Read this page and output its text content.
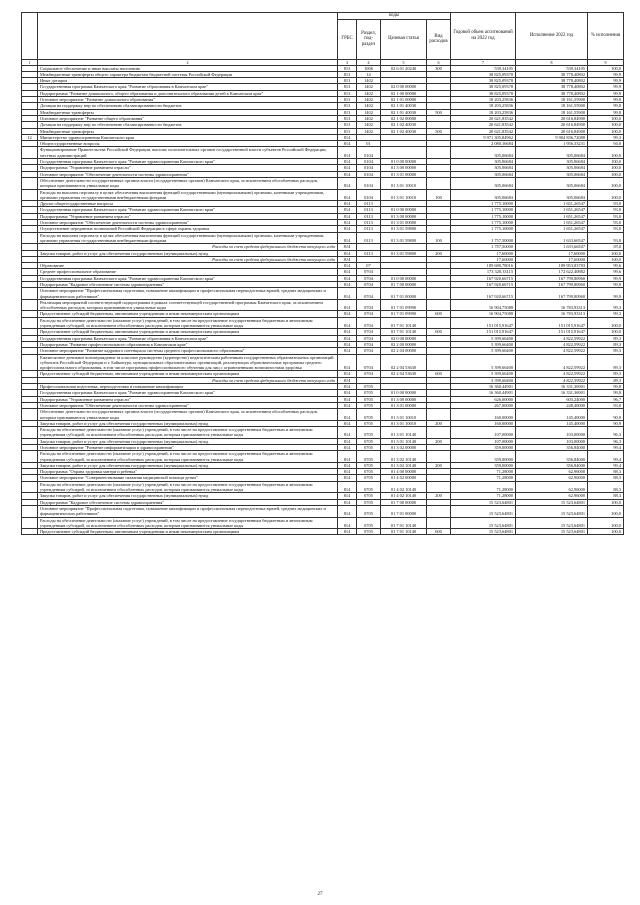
		коды				Годовой объем ассигнований на 2022 год	Исполнение 2022 год	% исполнения
		ГРБС	Раздел, под-раздел	Целевая статья	Вид расходов			
1	2	3	4	5	6	7	8	9
	Социальное обеспечение и иные выплаты населению	813	1006	02 6 01 20240	300	539,34105	539,34105	100,0
	Межбюджетные трансферты общего характера бюджетам бюджетной системы Российской Федерации	813	14			38 825,09378	38 778,40802	99,9
	Иные дотации	813	1402			38 825,09378	38 778,40802	99,9
	Государственная программа Камчатского края "Развитие образования в Камчатском крае"	813	1402	02 0 00 00000		38 825,09378	38 778,40802	99,9
	Подпрограмма "Развитие дошкольного, общего образования и дополнительного образования детей в Камчатском крае"	813	1402	02 1 00 00000		38 825,09378	38 778,40802	99,9
	Основное мероприятие "Развитие дошкольного образования"	813	1402	02 1 01 00000		18 203,25836	18 161,55900	99,8
	Дотация на поддержку мер по обеспечению сбалансированности бюджетов	813	1402	02 1 01 40030		18 203,25836	18 161,55900	99,8
	Межбюджетные трансферты	813	1402	02 1 01 40030	500	18 203,25836	18 161,55900	99,8
	Основное мероприятие "Развитие общего образования"	813	1402	02 1 02 00000		20 621,83542	20 616,84900	100,0
	Дотация на поддержку мер по обеспечению сбалансированности бюджетов	813	1402	02 1 02 40030		20 621,83542	20 616,84900	100,0
	Межбюджетные трансферты	813	1402	02 1 02 40030	500	20 621,83542	20 616,84900	100,0
12	Министерство здравоохранения Камчатского края	814				9 971 305,84962	9 904 836,72088	99,3
	Общегосударственные вопросы	814	01			2 080,16684	1 956,33231	94,0
	Функционирование Правительства Российской Федерации, высших исполнительных органов государственной власти субъектов Российской Федерации, местных администраций	814	0104			305,06684	305,06684	100,0
	Государственная программа Камчатского края "Развитие здравоохранения Камчатского края"	814	0104	01 0 00 00000		305,06684	305,06684	100,0
	Подпрограмма "Управление развитием отрасли"	814	0104	01 3 00 00000		305,06684	305,06684	100,0
	Основное мероприятие "Обеспечение деятельности системы здравоохранения"	814	0104	01 3 01 00000		305,06684	305,06684	100,0
	Обеспечение деятельности государственных органов власти (государственных органов) Камчатского края, за исключением обособленных расходов, которым присваиваются уникальные коды	814	0104	01 3 01 10010		305,06684	305,06684	100,0
	Расходы на выплаты персоналу в целях обеспечения выполнения функций государственными (муниципальными) органами, казенными учреждениями, органами управления государственными внебюджетными фондами	814	0104	01 3 01 10010	100	305,06684	305,06684	100,0
	Другие общегосударственные вопросы	814	0113			1 775,10000	1 651,26547	93,0
	Государственная программа Камчатского края "Развитие здравоохранения Камчатского края"	814	0113	01 0 00 00000		1 775,10000	1 651,26547	93,0
	Подпрограмма "Управление развитием отрасли"	814	0113	01 3 00 00000		1 775,10000	1 651,26547	93,0
	Основное мероприятие "Обеспечение деятельности системы здравоохранения"	814	0113	01 3 01 00000		1 775,10000	1 651,26547	93,0
	Осуществление переданных полномочий Российской Федерации в сфере охраны здоровья	814	0113	01 3 01 59800		1 775,10000	1 651,26547	93,0
	Расходы на выплаты персоналу в целях обеспечения выполнения функций государственными (муниципальными) органами, казенными учреждениями, органами управления государственными внебюджетными фондами	814	0113	01 3 01 59800	100	1 757,50000	1 633,66547	93,0
	Расходы за счет средств федерального бюджета текущего года	814				1 757,50000	1 633,66547	93,0
	Закупка товаров, работ и услуг для обеспечения государственных (муниципальных) нужд	814	0113	01 3 01 59800	200	17,60000	17,60000	100,0
	Расходы за счет средств федерального бюджета текущего года	814				17,60000	17,60000	100,0
	Образование	814	07			189 680,78016	189 953,83783	99,6
	Среднее профессиональное образование	814	0704			173 320,33115	172 622,40882	99,6
	Государственная программа Камчатского края "Развитие здравоохранения Камчатского края"	814	0704	01 0 00 00000		167 920,66715	167 799,80960	99,9
	Подпрограмма "Кадровое обеспечение системы здравоохранения"	814	0704	01 7 00 00000		167 920,66715	167 799,80960	99,9
	Основное мероприятие "Профессиональная подготовка, повышение квалификации и профессиональная переподготовка врачей, средних медицинских и фармацевтических работников"	814	0704	01 7 01 00000		167 920,66715	167 799,80960	99,9
	Реализация мероприятий соответствующей подпрограммы в рамках соответствующей государственной программы Камчатского края, за исключением обособленных расходов, которым присваиваются уникальные коды	814	0704	01 7 01 09990		16 904,75088	16 783,93313	99,3
	Предоставление субсидий бюджетным, автономным учреждениям и иным некоммерческим организациям	814	0704	01 7 01 09990	600	16 904,75088	16 783,93313	99,3
	Расходы на обеспечение деятельности (оказание услуг) учреждений, в том числе на предоставление государственным бюджетным и автономным учреждениям субсидий, за исключением обособленных расходов, которым присваиваются уникальные коды	814	0704	01 7 01 10140		151 015,91647	151 015,91647	100,0
	Предоставление субсидий бюджетным, автономным учреждениям и иным некоммерческим организациям	814	0704	01 7 01 10140	600	151 015,91647	151 015,91647	100,0
	Государственная программа Камчатского края "Развитие образования в Камчатском крае"	814	0704	02 0 00 00000		5 399,66400	4 822,59922	89,3
	Подпрограмма "Развитие профессионального образования в Камчатском крае"	814	0704	02 2 00 00000		5 399,66400	4 822,59922	89,3
	Основное мероприятие "Развитие кадрового потенциала системы среднего профессионального образования"	814	0704	02 2 04 00000		5 399,66400	4 822,59922	89,3
	Ежемесячное денежное вознаграждение за классное руководство (кураторство) педагогическим работникам государственных образовательных организаций субъектов Российской Федерации и г. Байконура, муниципальных образовательных организаций, реализующих образовательные программы среднего профессионального образования, в том числе программы профессионального обучения для лиц с ограниченными возможностями здоровья	814	0704	02 2 04 53630		5 399,66400	4 822,59922	89,3
	Предоставление субсидий бюджетным, автономным учреждениям и иным некоммерческим организациям	814	0704	02 2 04 53630	600	5 399,66400	4 822,59922	89,3
	Расходы за счет средств федерального бюджета текущего года	814				5 399,66400	4 822,59922	89,3
	Профессиональная подготовка, переподготовка и повышение квалификации	814	0705			16 360,44901	16 331,36901	99,8
	Государственная программа Камчатского края "Развитие здравоохранения Камчатского края"	814	0705	01 0 00 00000		16 360,44901	16 331,36901	99,8
	Подпрограмма "Управление развитием отрасли"	814	0705	01 3 00 00000		626,00000	603,24000	96,7
	Основное мероприятие "Обеспечение деятельности системы здравоохранения"	814	0705	01 3 01 00000		267,00000	248,40000	93,0
	Обеспечение деятельности государственных органов власти (государственных органов) Камчатского края, за исключением обособленных расходов, которым присваиваются уникальные коды	814	0705	01 3 01 10010		160,00000	145,40000	90,9
	Закупка товаров, работ и услуг для обеспечения государственных (муниципальных) нужд	814	0705	01 3 01 10010	200	160,00000	145,40000	90,9
	Расходы на обеспечение деятельности (оказание услуг) учреждений, в том числе на предоставление государственным бюджетным и автономным учреждениям субсидий, за исключением обособленных расходов, которым присваиваются уникальные коды	814	0705	01 3 01 10140		107,00000	103,00000	96,3
	Закупка товаров, работ и услуг для обеспечения государственных (муниципальных) нужд	814	0705	01 3 01 10140	200	107,00000	103,00000	96,3
	Основное мероприятие "Развитие информатизации в здравоохранении"	814	0705	01 3 02 00000		359,00000	356,84000	99,4
	Расходы на обеспечение деятельности (оказание услуг) учреждений, в том числе на предоставление государственным бюджетным и автономным учреждениям субсидий, за исключением обособленных расходов, которым присваиваются уникальные коды	814	0705	01 3 02 10140		359,00000	356,84000	99,4
	Закупка товаров, работ и услуг для обеспечения государственных (муниципальных) нужд	814	0705	01 3 02 10140	200	359,00000	356,84000	99,4
	Подпрограмма "Охрана здоровья матери и ребенка"	814	0705	01 4 00 00000		71,28000	62,96000	88,3
	Основное мероприятие "Совершенствование оказания медицинской помощи детям"	814	0705	01 4 02 00000		71,28000	62,96000	88,3
	Расходы на обеспечение деятельности (оказание услуг) учреждений, в том числе на предоставление государственным бюджетным и автономным учреждениям субсидий, за исключением обособленных расходов, которым присваиваются уникальные коды	814	0705	01 4 02 10140		71,28000	62,96000	88,3
	Закупка товаров, работ и услуг для обеспечения государственных (муниципальных) нужд	814	0705	01 4 02 10140	200	71,28000	62,96000	88,3
	Подпрограмма "Кадровое обеспечение системы здравоохранения"	814	0705	01 7 00 00000		15 523,64801	15 523,64801	100,0
	Основное мероприятие "Профессиональная подготовка, повышение квалификации и профессиональная переподготовка врачей, средних медицинских и фармацевтических работников"	814	0705	01 7 01 00000		15 523,64801	15 523,64801	100,0
	Расходы на обеспечение деятельности (оказание услуг) учреждений, в том числе на предоставление государственным бюджетным и автономным учреждениям субсидий, за исключением обособленных расходов, которым присваиваются уникальные коды	814	0705	01 7 01 10140		15 523,64801	15 523,64801	100,0
	Предоставление субсидий бюджетным, автономным учреждениям и иным некоммерческим организациям	814	0705	01 7 01 10140	600	15 523,64801	15 523,64801	100,0
27
